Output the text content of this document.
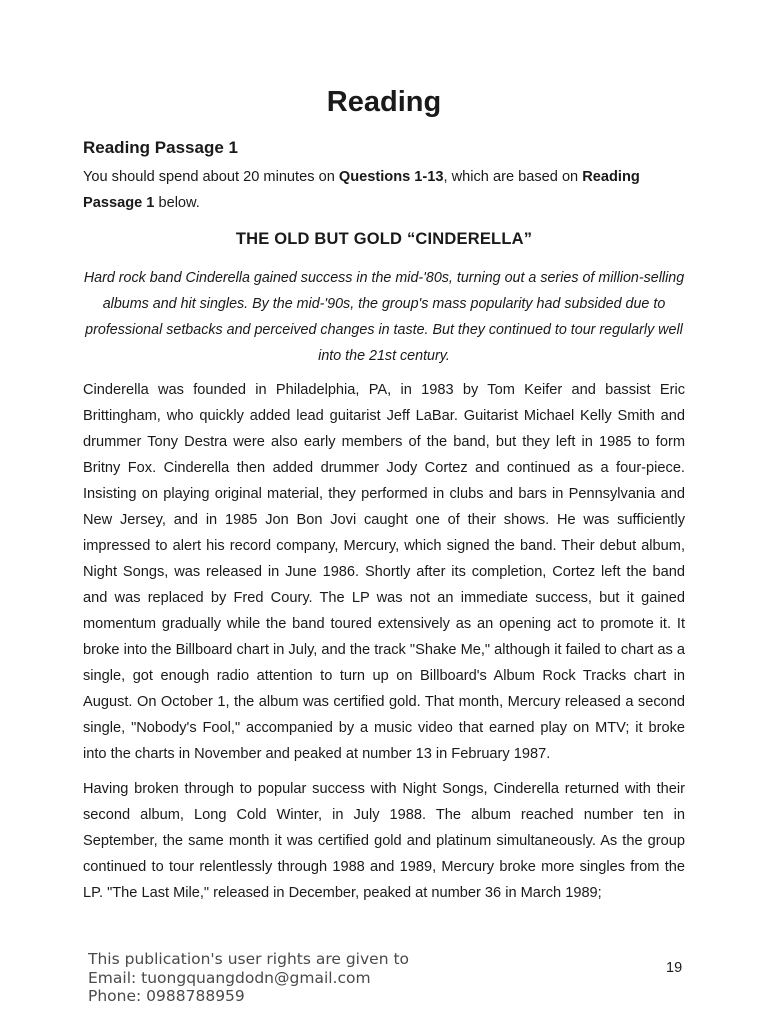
Reading
Reading Passage 1

You should spend about 20 minutes on Questions 1-13, which are based on Reading Passage 1 below.

THE OLD BUT GOLD “CINDERELLA”

Hard rock band Cinderella gained success in the mid-'80s, turning out a series of million-selling albums and hit singles. By the mid-'90s, the group's mass popularity had subsided due to professional setbacks and perceived changes in taste. But they continued to tour regularly well into the 21st century.

Cinderella was founded in Philadelphia, PA, in 1983 by Tom Keifer and bassist Eric Brittingham, who quickly added lead guitarist Jeff LaBar. Guitarist Michael Kelly Smith and drummer Tony Destra were also early members of the band, but they left in 1985 to form Britny Fox. Cinderella then added drummer Jody Cortez and continued as a four-piece. Insisting on playing original material, they performed in clubs and bars in Pennsylvania and New Jersey, and in 1985 Jon Bon Jovi caught one of their shows. He was sufficiently impressed to alert his record company, Mercury, which signed the band. Their debut album, Night Songs, was released in June 1986. Shortly after its completion, Cortez left the band and was replaced by Fred Coury. The LP was not an immediate success, but it gained momentum gradually while the band toured extensively as an opening act to promote it. It broke into the Billboard chart in July, and the track "Shake Me," although it failed to chart as a single, got enough radio attention to turn up on Billboard's Album Rock Tracks chart in August. On October 1, the album was certified gold. That month, Mercury released a second single, "Nobody's Fool," accompanied by a music video that earned play on MTV; it broke into the charts in November and peaked at number 13 in February 1987.

Having broken through to popular success with Night Songs, Cinderella returned with their second album, Long Cold Winter, in July 1988. The album reached number ten in September, the same month it was certified gold and platinum simultaneously. As the group continued to tour relentlessly through 1988 and 1989, Mercury broke more singles from the LP. "The Last Mile," released in December, peaked at number 36 in March 1989;

This publication's user rights are given to
Email: tuongquangdodn@gmail.com
Phone: 0988788959
19
